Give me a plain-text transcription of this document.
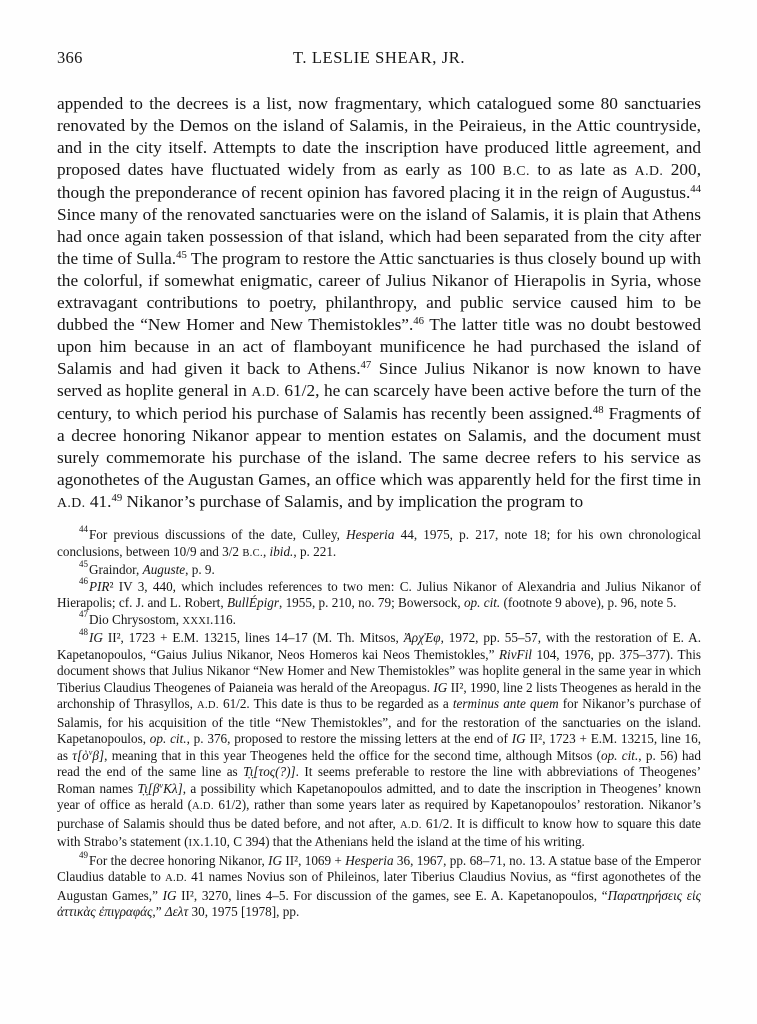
366	T. LESLIE SHEAR, JR.

appended to the decrees is a list, now fragmentary, which catalogued some 80 sanctuaries renovated by the Demos on the island of Salamis, in the Peiraieus, in the Attic countryside, and in the city itself. Attempts to date the inscription have produced little agreement, and proposed dates have fluctuated widely from as early as 100 B.C. to as late as A.D. 200, though the preponderance of recent opinion has favored placing it in the reign of Augustus.$^{44}$ Since many of the renovated sanctuaries were on the island of Salamis, it is plain that Athens had once again taken possession of that island, which had been separated from the city after the time of Sulla.$^{45}$ The program to restore the Attic sanctuaries is thus closely bound up with the colorful, if somewhat enigmatic, career of Julius Nikanor of Hierapolis in Syria, whose extravagant contributions to poetry, philanthropy, and public service caused him to be dubbed the “New Homer and New Themistokles”.$^{46}$ The latter title was no doubt bestowed upon him because in an act of flamboyant munificence he had purchased the island of Salamis and had given it back to Athens.$^{47}$ Since Julius Nikanor is now known to have served as hoplite general in A.D. 61/2, he can scarcely have been active before the turn of the century, to which period his purchase of Salamis has recently been assigned.$^{48}$ Fragments of a decree honoring Nikanor appear to mention estates on Salamis, and the document must surely commemorate his purchase of the island. The same decree refers to his service as agonothetes of the Augustan Games, an office which was apparently held for the first time in A.D. 41.49 Nikanor’s purchase of Salamis, and by implication the program to

$^{44}$For previous discussions of the date, Culley, Hesperia 44, 1975, p. 217, note 18; for his own chronological conclusions, between 10/9 and 3/2 B.C., ibid., p. 221.

$^{45}$Graindor, Auguste, p. 9.

$^{46}$PIR² IV 3, 440, which includes references to two men: C. Julius Nikanor of Alexandria and Julius Nikanor of Hierapolis; cf. J. and L. Robert, BullÉpigr, 1955, p. 210, no. 79; Bowersock, op. cit. (footnote 9 above), p. 96, note 5.

$^{47}$Dio Chrysostom, XXXI.116.

$^{48}$IG II², 1723 + E.M. 13215, lines 14–17 (M. Th. Mitsos, ἈρχἘφ, 1972, pp. 55–57, with the restoration of E. A. Kapetanopoulos, “Gaius Julius Nikanor, Neos Homeros kai Neos Themistokles,” RivFil 104, 1976, pp. 375–377). This document shows that Julius Nikanor “New Homer and New Themistokles” was hoplite general in the same year in which Tiberius Claudius Theogenes of Paianeia was herald of the Areopagus. IG II², 1990, line 2 lists Theogenes as herald in the archonship of Thrasyllos, A.D. 61/2. This date is thus to be regarded as a terminus ante quem for Nikanor’s purchase of Salamis, for his acquisition of the title “New Themistokles”, and for the restoration of the sanctuaries on the island. Kapetanopoulos, op. cit., p. 376, proposed to restore the missing letters at the end of IG II², 1723 + E.M. 13215, line 16, as τ[ὸ$^v$β], meaning that in this year Theogenes held the office for the second time, although Mitsos (op. cit., p. 56) had read the end of the same line as Τ̣ι̣[τος(?)]. It seems preferable to restore the line with abbreviations of Theogenes’ Roman names $Ṭ\iotạ[\beta^vK\lambda]$, a possibility which Kapetanopoulos admitted, and to date the inscription in Theogenes’ known year of office as herald (A.D. 61/2), rather than some years later as required by Kapetanopoulos’ restoration. Nikanor’s purchase of Salamis should thus be dated before, and not after, A.D. 61/2. It is difficult to know how to square this date with Strabo’s statement (IX.1.10, C 394) that the Athenians held the island at the time of his writing.

$^{49}$For the decree honoring Nikanor, IG II², 1069 + Hesperia 36, 1967, pp. 68–71, no. 13. A statue base of the Emperor Claudius datable to A.D. 41 names Novius son of Phileinos, later Tiberius Claudius Novius, as “first agonothetes of the Augustan Games,” IG II², 3270, lines 4–5. For discussion of the games, see E. A. Kapetanopoulos, “Παρατηρήσεις εἰς ἀττικὰς ἐπιγραφάς,” Δελτ 30, 1975 [1978], pp.
